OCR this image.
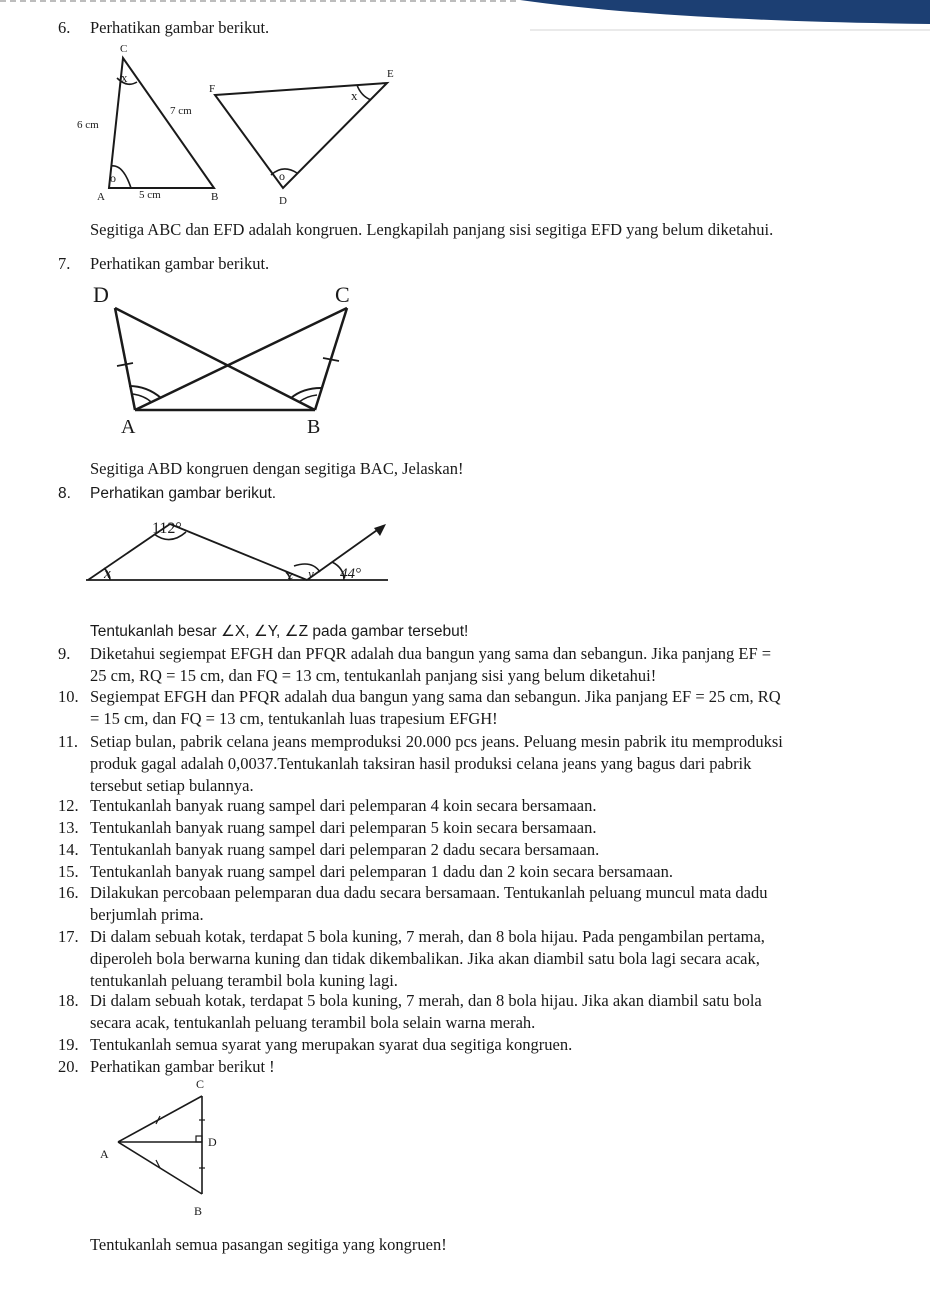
6. Perhatikan gambar berikut.
C
A	B
x
o
6 cm
7 cm
5 cm
E
F
D
x
o
Segitiga ABC dan EFD adalah kongruen. Lengkapilah panjang sisi segitiga EFD yang belum diketahui.
7. Perhatikan gambar berikut.
D	C
A	B
Segitiga ABD kongruen dengan segitiga BAC, Jelaskan!
8. Perhatikan gambar berikut.
112°
x	z y 44°
Tentukanlah besar ∠X, ∠Y, ∠Z pada gambar tersebut!
9. Diketahui segiempat EFGH dan PFQR adalah dua bangun yang sama dan sebangun. Jika panjang EF =
25 cm, RQ = 15 cm, dan FQ = 13 cm, tentukanlah panjang sisi yang belum diketahui!
10. Segiempat EFGH dan PFQR adalah dua bangun yang sama dan sebangun. Jika panjang EF = 25 cm, RQ
= 15 cm, dan FQ = 13 cm, tentukanlah luas trapesium EFGH!
11. Setiap bulan, pabrik celana jeans memproduksi 20.000 pcs jeans. Peluang mesin pabrik itu memproduksi
produk gagal adalah 0,0037.Tentukanlah taksiran hasil produksi celana jeans yang bagus dari pabrik
tersebut setiap bulannya.
12. Tentukanlah banyak ruang sampel dari pelemparan 4 koin secara bersamaan.
13. Tentukanlah banyak ruang sampel dari pelemparan 5 koin secara bersamaan.
14. Tentukanlah banyak ruang sampel dari pelemparan 2 dadu secara bersamaan.
15. Tentukanlah banyak ruang sampel dari pelemparan 1 dadu dan 2 koin secara bersamaan.
16. Dilakukan percobaan pelemparan dua dadu secara bersamaan. Tentukanlah peluang muncul mata dadu
berjumlah prima.
17. Di dalam sebuah kotak, terdapat 5 bola kuning, 7 merah, dan 8 bola hijau. Pada pengambilan pertama,
diperoleh bola berwarna kuning dan tidak dikembalikan. Jika akan diambil satu bola lagi secara acak,
tentukanlah peluang terambil bola kuning lagi.
18. Di dalam sebuah kotak, terdapat 5 bola kuning, 7 merah, dan 8 bola hijau. Jika akan diambil satu bola
secara acak, tentukanlah peluang terambil bola selain warna merah.
19. Tentukanlah semua syarat yang merupakan syarat dua segitiga kongruen.
20. Perhatikan gambar berikut !
C
A
D
B
Tentukanlah semua pasangan segitiga yang kongruen!
